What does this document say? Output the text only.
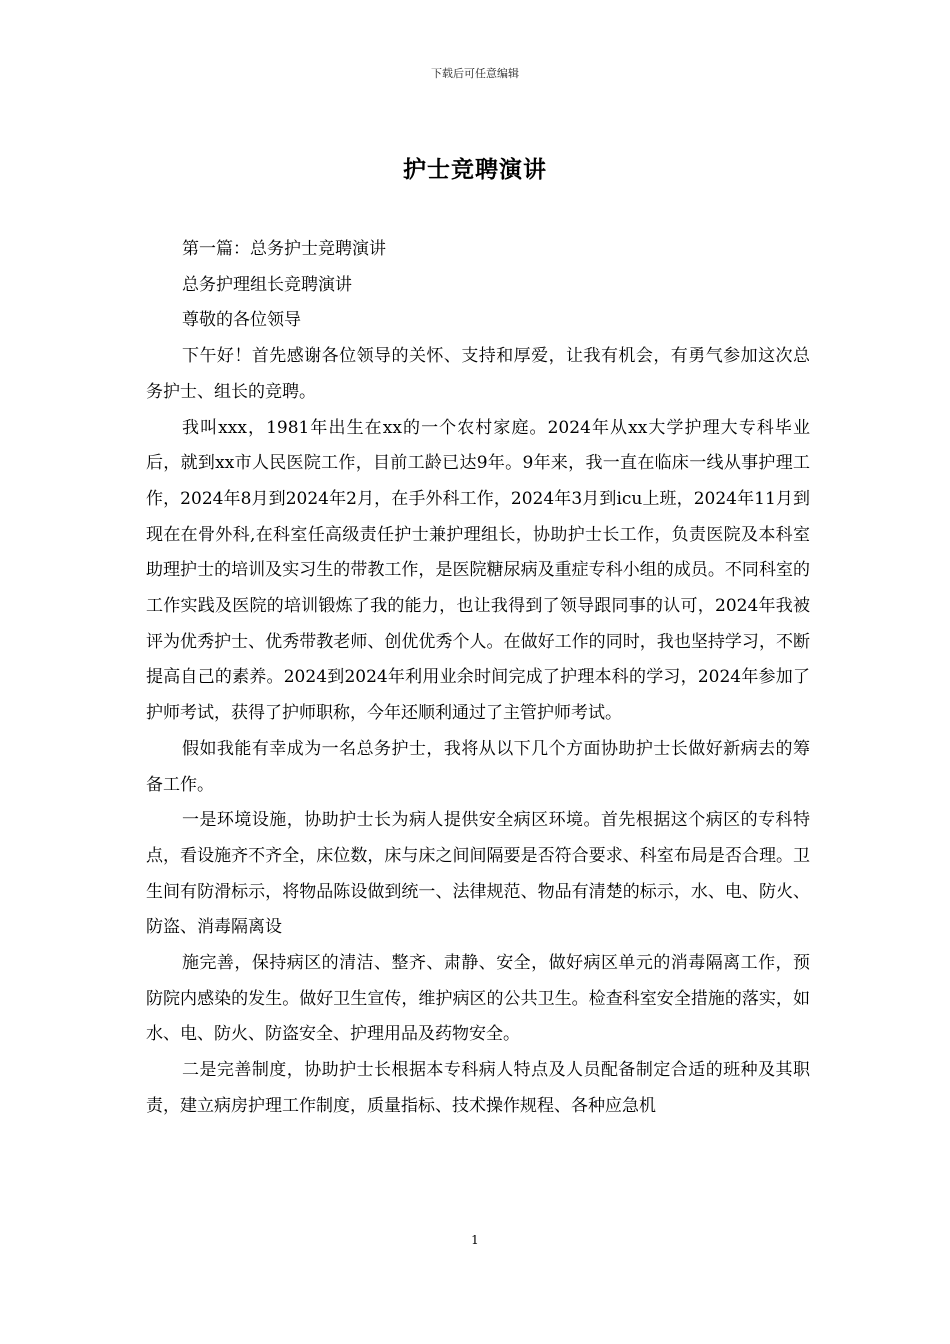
下载后可任意编辑
护士竞聘演讲

第一篇：总务护士竞聘演讲

总务护理组长竞聘演讲

尊敬的各位领导

下午好！首先感谢各位领导的关怀、支持和厚爱，让我有机会，有勇气参加这次总务护士、组长的竞聘。

我叫xxx，1981年出生在xx的一个农村家庭。2024年从xx大学护理大专科毕业后，就到xx市人民医院工作，目前工龄已达9年。9年来，我一直在临床一线从事护理工作，2024年8月到2024年2月，在手外科工作，2024年3月到icu上班，2024年11月到现在在骨外科,在科室任高级责任护士兼护理组长，协助护士长工作，负责医院及本科室助理护士的培训及实习生的带教工作，是医院糖尿病及重症专科小组的成员。不同科室的工作实践及医院的培训锻炼了我的能力，也让我得到了领导跟同事的认可，2024年我被评为优秀护士、优秀带教老师、创优优秀个人。在做好工作的同时，我也坚持学习，不断提高自己的素养。2024到2024年利用业余时间完成了护理本科的学习，2024年参加了护师考试，获得了护师职称，今年还顺利通过了主管护师考试。

假如我能有幸成为一名总务护士，我将从以下几个方面协助护士长做好新病去的筹备工作。

一是环境设施，协助护士长为病人提供安全病区环境。首先根据这个病区的专科特点，看设施齐不齐全，床位数，床与床之间间隔要是否符合要求、科室布局是否合理。卫生间有防滑标示，将物品陈设做到统一、法律规范、物品有清楚的标示，水、电、防火、防盗、消毒隔离设

施完善，保持病区的清洁、整齐、肃静、安全，做好病区单元的消毒隔离工作，预防院内感染的发生。做好卫生宣传，维护病区的公共卫生。检查科室安全措施的落实，如水、电、防火、防盗安全、护理用品及药物安全。

二是完善制度，协助护士长根据本专科病人特点及人员配备制定合适的班种及其职责，建立病房护理工作制度，质量指标、技术操作规程、各种应急机

1
